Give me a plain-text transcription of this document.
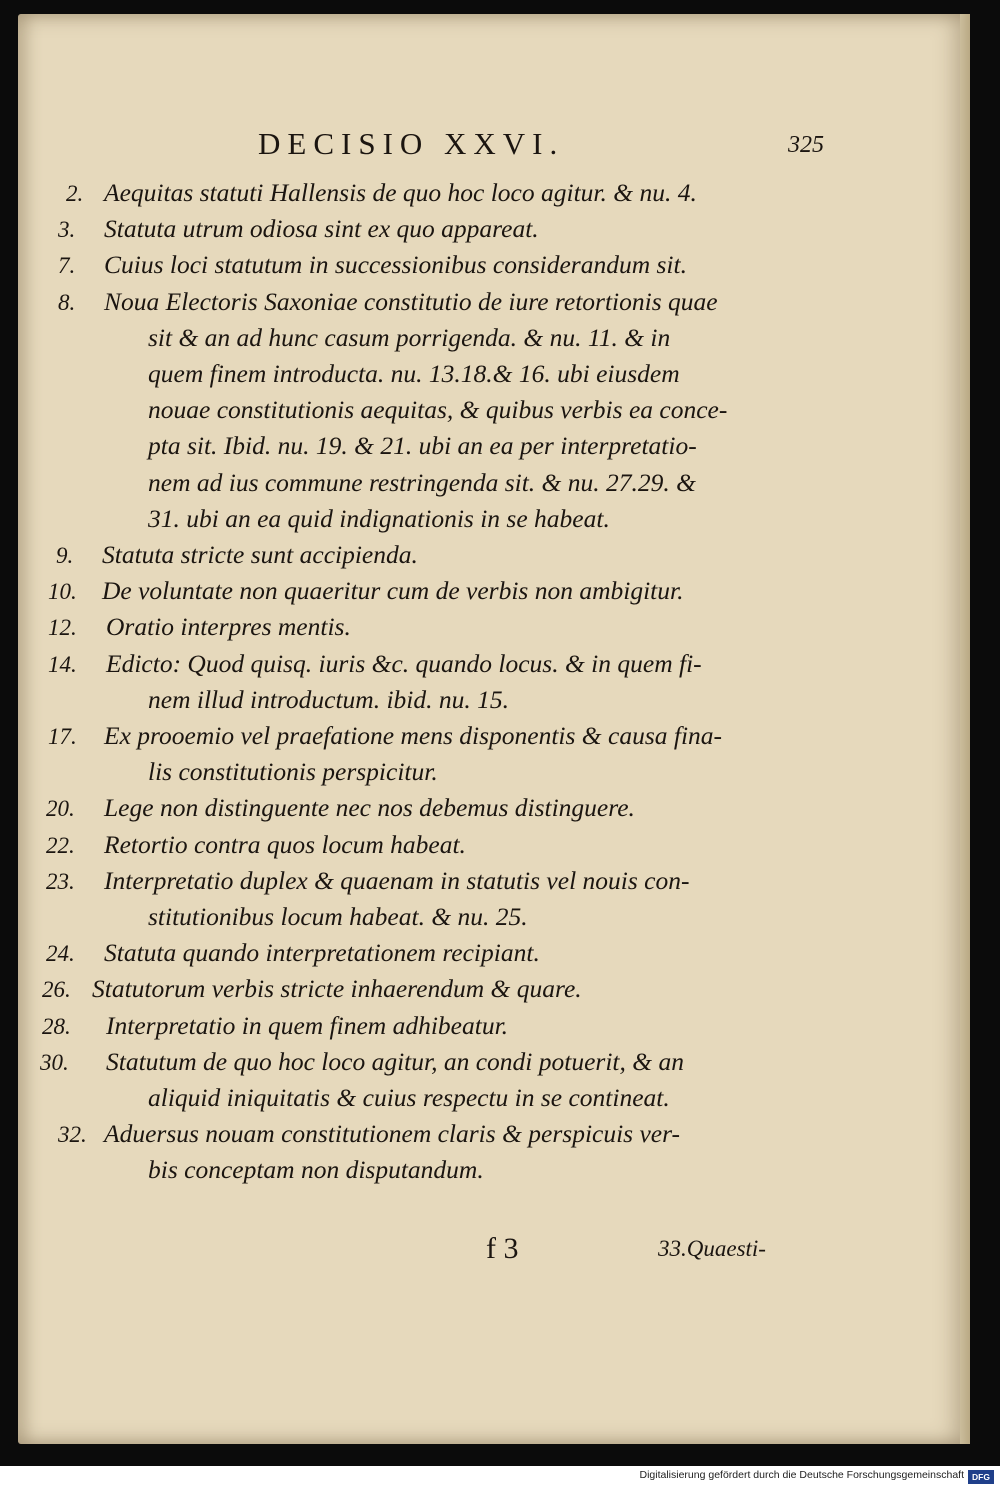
DECISIO XXVI.	325
2. Aequitas statuti Hallensis de quo hoc loco agitur. & nu. 4.
3. Statuta utrum odiosa sint ex quo appareat.
7. Cuius loci statutum in successionibus considerandum sit.
8. Noua Electoris Saxoniae constitutio de iure retortionis quae
sit & an ad hunc casum porrigenda. & nu. 11. & in
quem finem introducta. nu. 13.18.& 16. ubi eiusdem
nouae constitutionis aequitas, & quibus verbis ea conce-
pta sit. Ibid. nu. 19. & 21. ubi an ea per interpretatio-
nem ad ius commune restringenda sit. & nu. 27.29. &
31. ubi an ea quid indignationis in se habeat.
9. Statuta stricte sunt accipienda.
10. De voluntate non quaeritur cum de verbis non ambigitur.
12. Oratio interpres mentis.
14. Edicto: Quod quisq. iuris &c. quando locus. & in quem fi-
nem illud introductum. ibid. nu. 15.
17. Ex prooemio vel praefatione mens disponentis & causa fina-
lis constitutionis perspicitur.
20. Lege non distinguente nec nos debemus distinguere.
22. Retortio contra quos locum habeat.
23. Interpretatio duplex & quaenam in statutis vel nouis con-
stitutionibus locum habeat. & nu. 25.
24. Statuta quando interpretationem recipiant.
26. Statutorum verbis stricte inhaerendum & quare.
28. Interpretatio in quem finem adhibeatur.
30. Statutum de quo hoc loco agitur, an condi potuerit, & an
aliquid iniquitatis & cuius respectu in se contineat.
32. Aduersus nouam constitutionem claris & perspicuis ver-
bis conceptam non disputandum.
f 3	33.Quaesti-
Digitalisierung gefördert durch die Deutsche Forschungsgemeinschaft DFG
